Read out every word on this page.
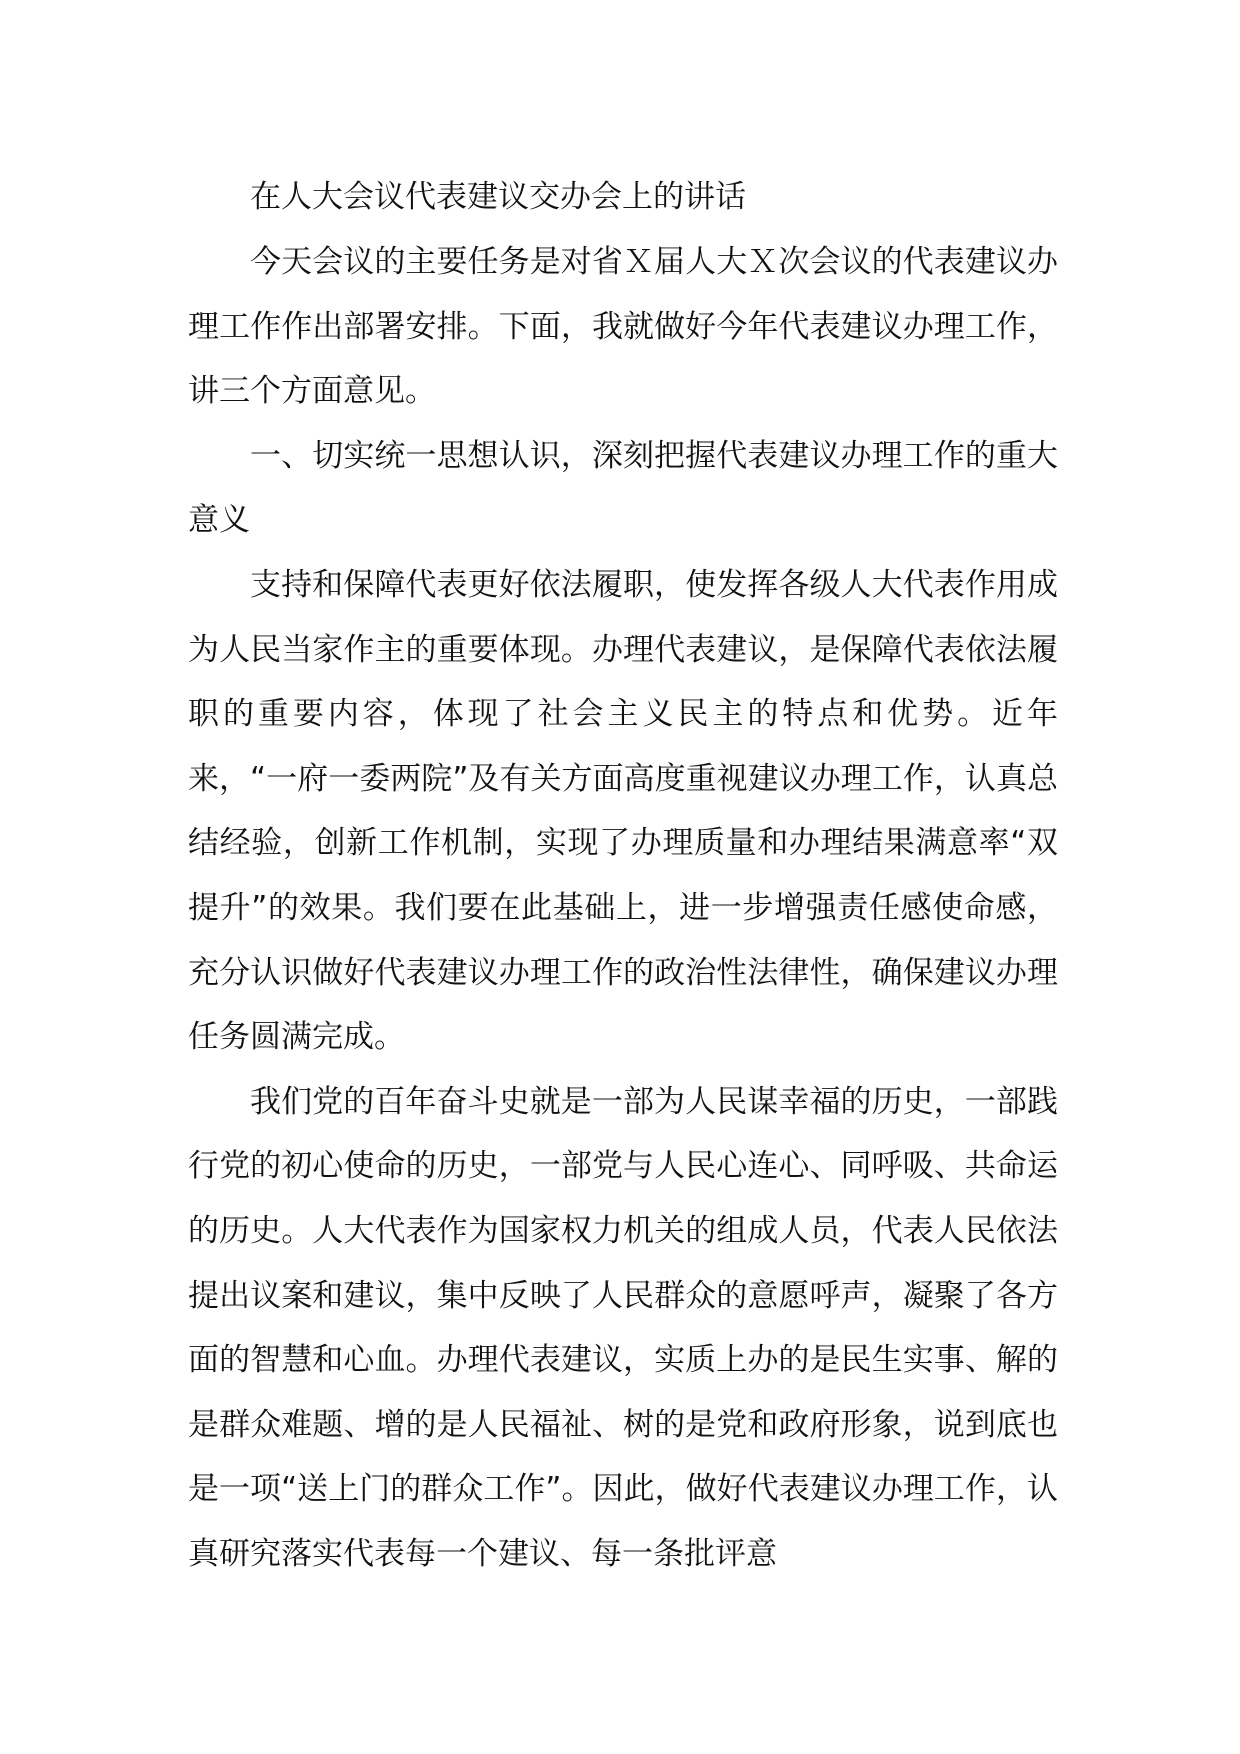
在人大会议代表建议交办会上的讲话

今天会议的主要任务是对省Ｘ届人大Ｘ次会议的代表建议办理工作作出部署安排。下面，我就做好今年代表建议办理工作，讲三个方面意见。

一、切实统一思想认识，深刻把握代表建议办理工作的重大意义

支持和保障代表更好依法履职，使发挥各级人大代表作用成为人民当家作主的重要体现。办理代表建议，是保障代表依法履职的重要内容，体现了社会主义民主的特点和优势。近年来，“一府一委两院”及有关方面高度重视建议办理工作，认真总结经验，创新工作机制，实现了办理质量和办理结果满意率“双提升”的效果。我们要在此基础上，进一步增强责任感使命感，充分认识做好代表建议办理工作的政治性法律性，确保建议办理任务圆满完成。

我们党的百年奋斗史就是一部为人民谋幸福的历史，一部践行党的初心使命的历史，一部党与人民心连心、同呼吸、共命运的历史。人大代表作为国家权力机关的组成人员，代表人民依法提出议案和建议，集中反映了人民群众的意愿呼声，凝聚了各方面的智慧和心血。办理代表建议，实质上办的是民生实事、解的是群众难题、增的是人民福祉、树的是党和政府形象，说到底也是一项“送上门的群众工作”。因此，做好代表建议办理工作，认真研究落实代表每一个建议、每一条批评意
